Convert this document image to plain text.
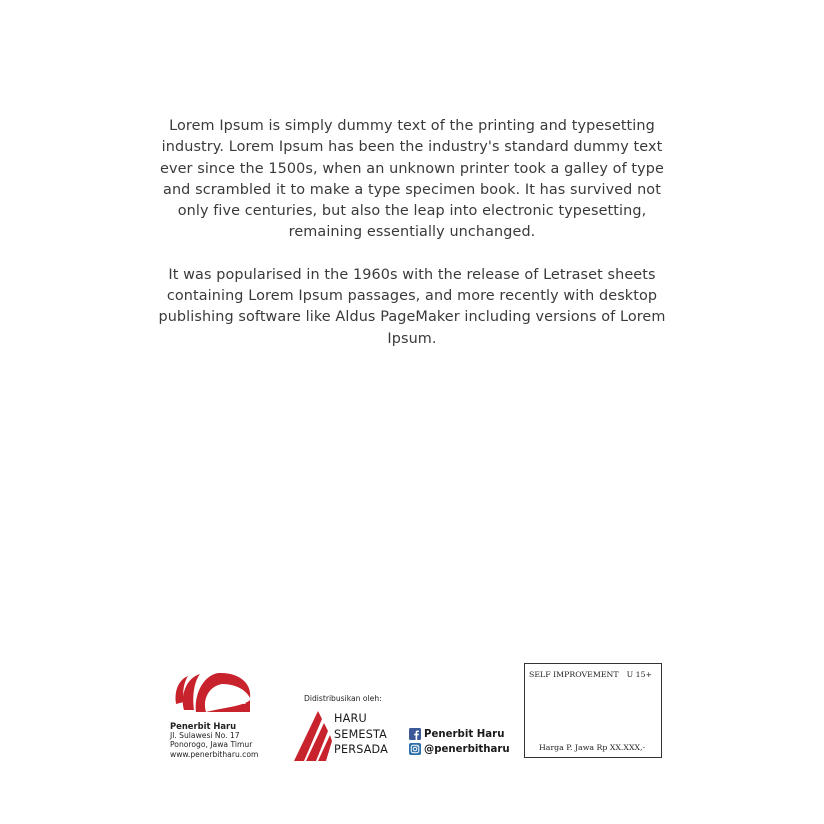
Lorem Ipsum is simply dummy text of the printing and typesetting industry. Lorem Ipsum has been the industry's standard dummy text ever since the 1500s, when an unknown printer took a galley of type and scrambled it to make a type specimen book. It has survived not only five centuries, but also the leap into electronic typesetting, remaining essentially unchanged.

It was popularised in the 1960s with the release of Letraset sheets containing Lorem Ipsum passages, and more recently with desktop publishing software like Aldus PageMaker including versions of Lorem Ipsum.

haru
Penerbit Haru
Jl. Sulawesi No. 17
Ponorogo, Jawa Timur
www.penerbitharu.com
Didistribusikan oleh:
HARU
SEMESTA
PERSADA
Penerbit Haru
@penerbitharu
SELF IMPROVEMENT U 15+
Harga P. Jawa Rp XX.XXX,-
